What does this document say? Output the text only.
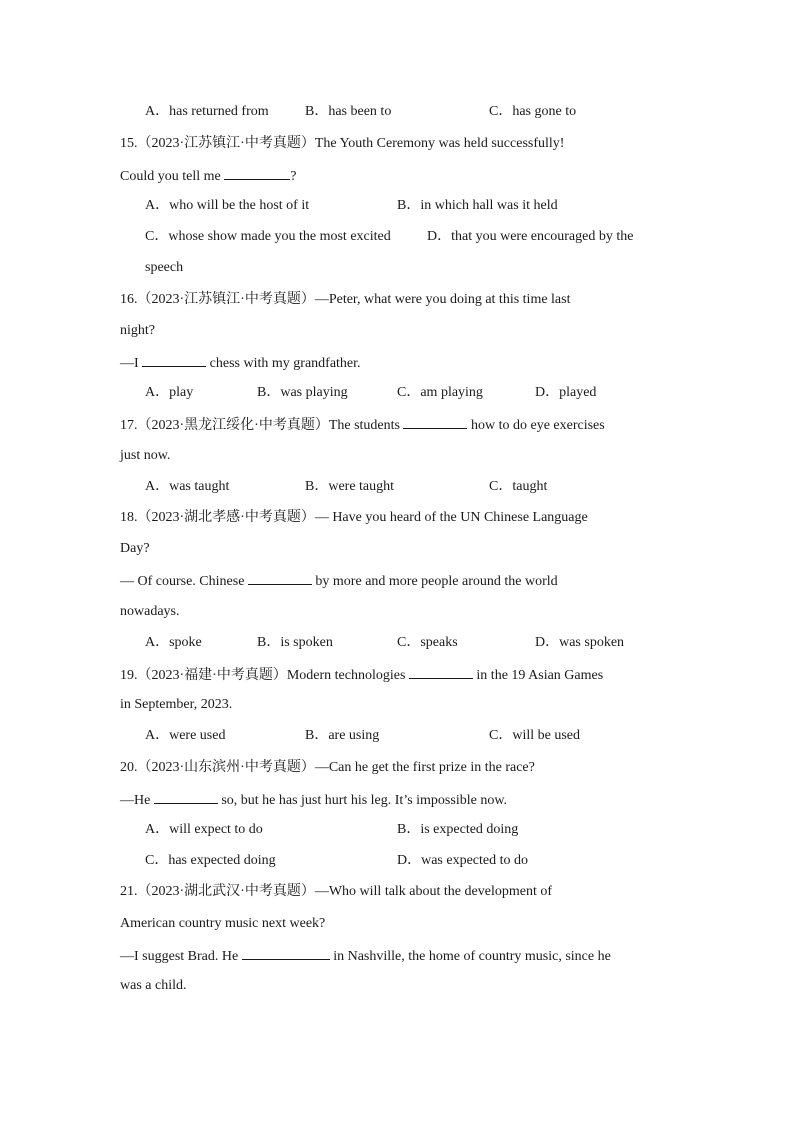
A．has returned from	B．has been to	C．has gone to
15.（2023·江苏镇江·中考真题）The Youth Ceremony was held successfully!
Could you tell me	?
A．who will be the host of it	B．in which hall was it held
C．whose show made you the most excited	D．that you were encouraged by the
speech
16.（2023·江苏镇江·中考真题）—Peter, what were you doing at this time last
night?
—I	chess with my grandfather.
A．play	B．was playing	C．am playing	D．played
17.（2023·黑龙江绥化·中考真题）The students	how to do eye exercises
just now.
A．was taught	B．were taught	C．taught
18.（2023·湖北孝感·中考真题）— Have you heard of the UN Chinese Language
Day?
— Of course. Chinese	by more and more people around the world
nowadays.
A．spoke	B．is spoken	C．speaks	D．was spoken
19.（2023·福建·中考真题）Modern technologies	in the 19 Asian Games
in September, 2023.
A．were used	B．are using	C．will be used
20.（2023·山东滨州·中考真题）—Can he get the first prize in the race?
—He	so, but he has just hurt his leg. It’s impossible now.
A．will expect to do	B．is expected doing
C．has expected doing	D．was expected to do
21.（2023·湖北武汉·中考真题）—Who will talk about the development of
American country music next week?
—I suggest Brad. He	in Nashville, the home of country music, since he
was a child.
